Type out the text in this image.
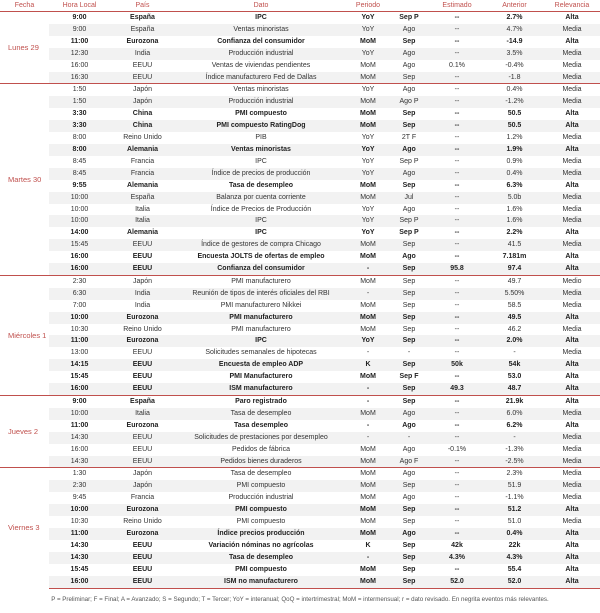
Fecha	Hora Local	País	Dato	Periodo		Estimado	Anterior	Relevancia
Lunes 29	9:00	España	IPC	YoY	Sep P	--	2.7%	Alta
	9:00	España	Ventas minoristas	YoY	Ago	--	4.7%	Media
	11:00	Eurozona	Confianza del consumidor	MoM	Sep	--	-14.9	Alta
	12:30	India	Producción industrial	YoY	Ago	--	3.5%	Media
	16:00	EEUU	Ventas de viviendas pendientes	MoM	Ago	0.1%	-0.4%	Media
	16:30	EEUU	Índice manufacturero Fed de Dallas	MoM	Sep	--	-1.8	Media
Martes 30	1:50	Japón	Ventas minoristas	YoY	Ago	--	0.4%	Media
	1:50	Japón	Producción industrial	MoM	Ago P	--	-1.2%	Media
	3:30	China	PMI compuesto	MoM	Sep	--	50.5	Alta
	3:30	China	PMI compuesto RatingDog	MoM	Sep	--	50.5	Alta
	8:00	Reino Unido	PIB	YoY	2T F	--	1.2%	Media
	8:00	Alemania	Ventas minoristas	YoY	Ago	--	1.9%	Alta
	8:45	Francia	IPC	YoY	Sep P	--	0.9%	Media
	8:45	Francia	Índice de precios de producción	YoY	Ago	--	0.4%	Media
	9:55	Alemania	Tasa de desempleo	MoM	Sep	--	6.3%	Alta
	10:00	España	Balanza por cuenta corriente	MoM	Jul	--	5.0b	Media
	10:00	Italia	Índice de Precios de Producción	YoY	Ago	--	1.6%	Media
	10:00	Italia	IPC	YoY	Sep P	--	1.6%	Media
	14:00	Alemania	IPC	YoY	Sep P	--	2.2%	Alta
	15:45	EEUU	Índice de gestores de compra Chicago	MoM	Sep	--	41.5	Media
	16:00	EEUU	Encuesta JOLTS de ofertas de empleo	MoM	Ago	--	7.181m	Alta
	16:00	EEUU	Confianza del consumidor	-	Sep	95.8	97.4	Alta
Miércoles 1	2:30	Japón	PMI manufacturero	MoM	Sep	--	49.7	Medio
	6:30	India	Reunión de tipos de interés oficiales del RBI	-	Sep	--	5.50%	Media
	7:00	India	PMI manufacturero Nikkei	MoM	Sep	--	58.5	Media
	10:00	Eurozona	PMI manufacturero	MoM	Sep	--	49.5	Alta
	10:30	Reino Unido	PMI manufacturero	MoM	Sep	--	46.2	Media
	11:00	Eurozona	IPC	YoY	Sep	--	2.0%	Alta
	13:00	EEUU	Solicitudes semanales de hipotecas	-	-	--	-	Media
	14:15	EEUU	Encuesta de empleo ADP	K	Sep	50k	54k	Alta
	15:45	EEUU	PMI Manufacturero	MoM	Sep F	--	53.0	Alta
	16:00	EEUU	ISM manufacturero	-	Sep	49.3	48.7	Alta
Jueves 2	9:00	España	Paro registrado	-	Sep	--	21.9k	Alta
	10:00	Italia	Tasa de desempleo	MoM	Ago	--	6.0%	Media
	11:00	Eurozona	Tasa desempleo	-	Ago	--	6.2%	Alta
	14:30	EEUU	Solicitudes de prestaciones por desempleo	-	-	--	-	Media
	16:00	EEUU	Pedidos de fábrica	MoM	Ago	-0.1%	-1.3%	Media
	14:30	EEUU	Pedidos bienes duraderos	MoM	Ago F	--	-2.5%	Media
Viernes 3	1:30	Japón	Tasa de desempleo	MoM	Ago	--	2.3%	Media
	2:30	Japón	PMI compuesto	MoM	Sep	--	51.9	Media
	9:45	Francia	Producción industrial	MoM	Ago	--	-1.1%	Media
	10:00	Eurozona	PMI compuesto	MoM	Sep	--	51.2	Alta
	10:30	Reino Unido	PMI compuesto	MoM	Sep	--	51.0	Media
	11:00	Eurozona	Índice precios producción	MoM	Ago	--	0.4%	Alta
	14:30	EEUU	Variación nóminas no agrícolas	K	Sep	42k	22k	Alta
	14:30	EEUU	Tasa de desempleo	-	Sep	4.3%	4.3%	Alta
	15:45	EEUU	PMI compuesto	MoM	Sep	--	55.4	Alta
	16:00	EEUU	ISM no manufacturero	MoM	Sep	52.0	52.0	Alta
P = Preliminar; F = Final; A = Avanzado; S = Segundo; T = Tercer; YoY = interanual; QoQ = intertrimestral; MoM = intermensual; r = dato revisado. En negrita eventos más relevantes.
